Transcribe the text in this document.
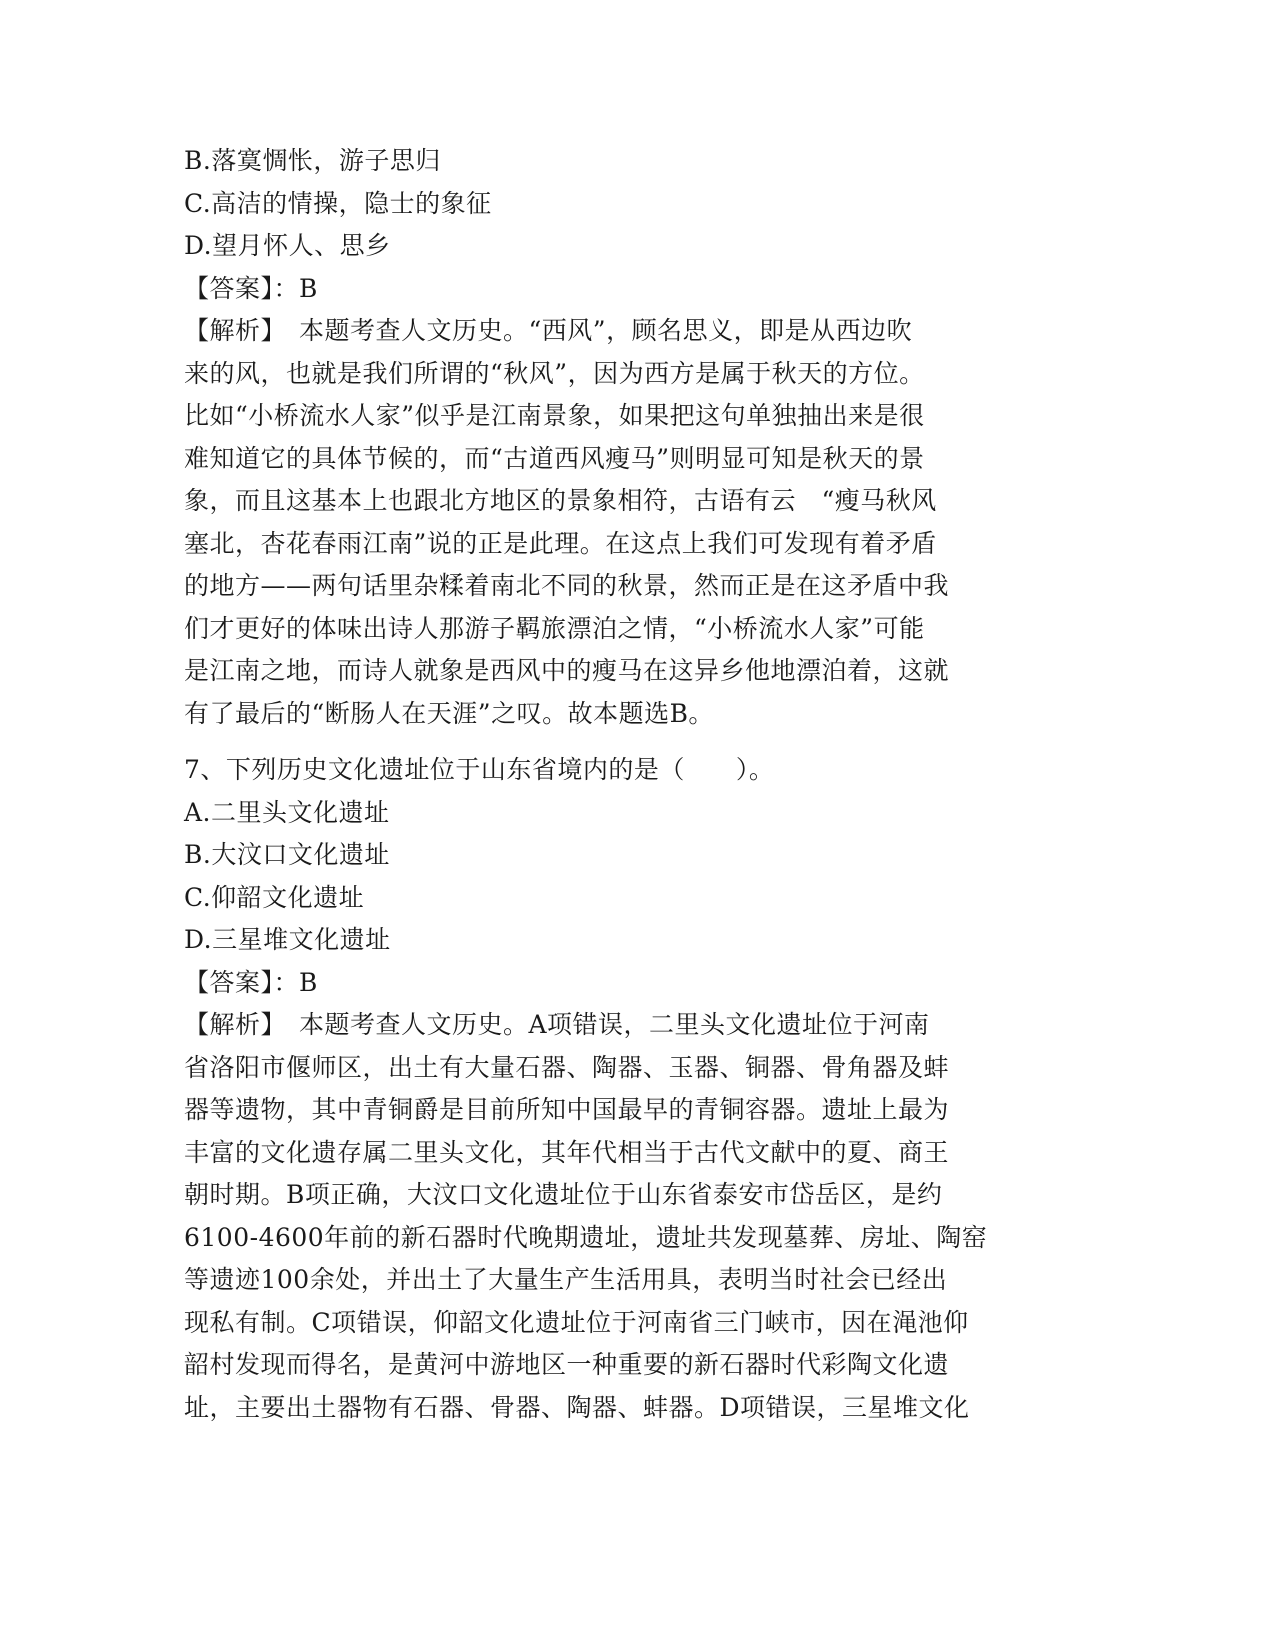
B.落寞惆怅，游子思归
C.高洁的情操，隐士的象征
D.望月怀人、思乡
【答案】：B
【解析】　本题考查人文历史。“西风”，顾名思义，即是从西边吹
来的风，也就是我们所谓的“秋风”，因为西方是属于秋天的方位。
比如“小桥流水人家”似乎是江南景象，如果把这句单独抽出来是很
难知道它的具体节候的，而“古道西风瘦马”则明显可知是秋天的景
象，而且这基本上也跟北方地区的景象相符，古语有云　“瘦马秋风
塞北，杏花春雨江南”说的正是此理。在这点上我们可发现有着矛盾
的地方——两句话里杂糅着南北不同的秋景，然而正是在这矛盾中我
们才更好的体味出诗人那游子羁旅漂泊之情，“小桥流水人家”可能
是江南之地，而诗人就象是西风中的瘦马在这异乡他地漂泊着，这就
有了最后的“断肠人在天涯”之叹。故本题选B。
7、下列历史文化遗址位于山东省境内的是（　　）。
A.二里头文化遗址
B.大汶口文化遗址
C.仰韶文化遗址
D.三星堆文化遗址
【答案】：B
【解析】　本题考查人文历史。A项错误，二里头文化遗址位于河南
省洛阳市偃师区，出土有大量石器、陶器、玉器、铜器、骨角器及蚌
器等遗物，其中青铜爵是目前所知中国最早的青铜容器。遗址上最为
丰富的文化遗存属二里头文化，其年代相当于古代文献中的夏、商王
朝时期。B项正确，大汶口文化遗址位于山东省泰安市岱岳区，是约
6100-4600年前的新石器时代晚期遗址，遗址共发现墓葬、房址、陶窑
等遗迹100余处，并出土了大量生产生活用具，表明当时社会已经出
现私有制。C项错误，仰韶文化遗址位于河南省三门峡市，因在渑池仰
韶村发现而得名，是黄河中游地区一种重要的新石器时代彩陶文化遗
址，主要出土器物有石器、骨器、陶器、蚌器。D项错误，三星堆文化
